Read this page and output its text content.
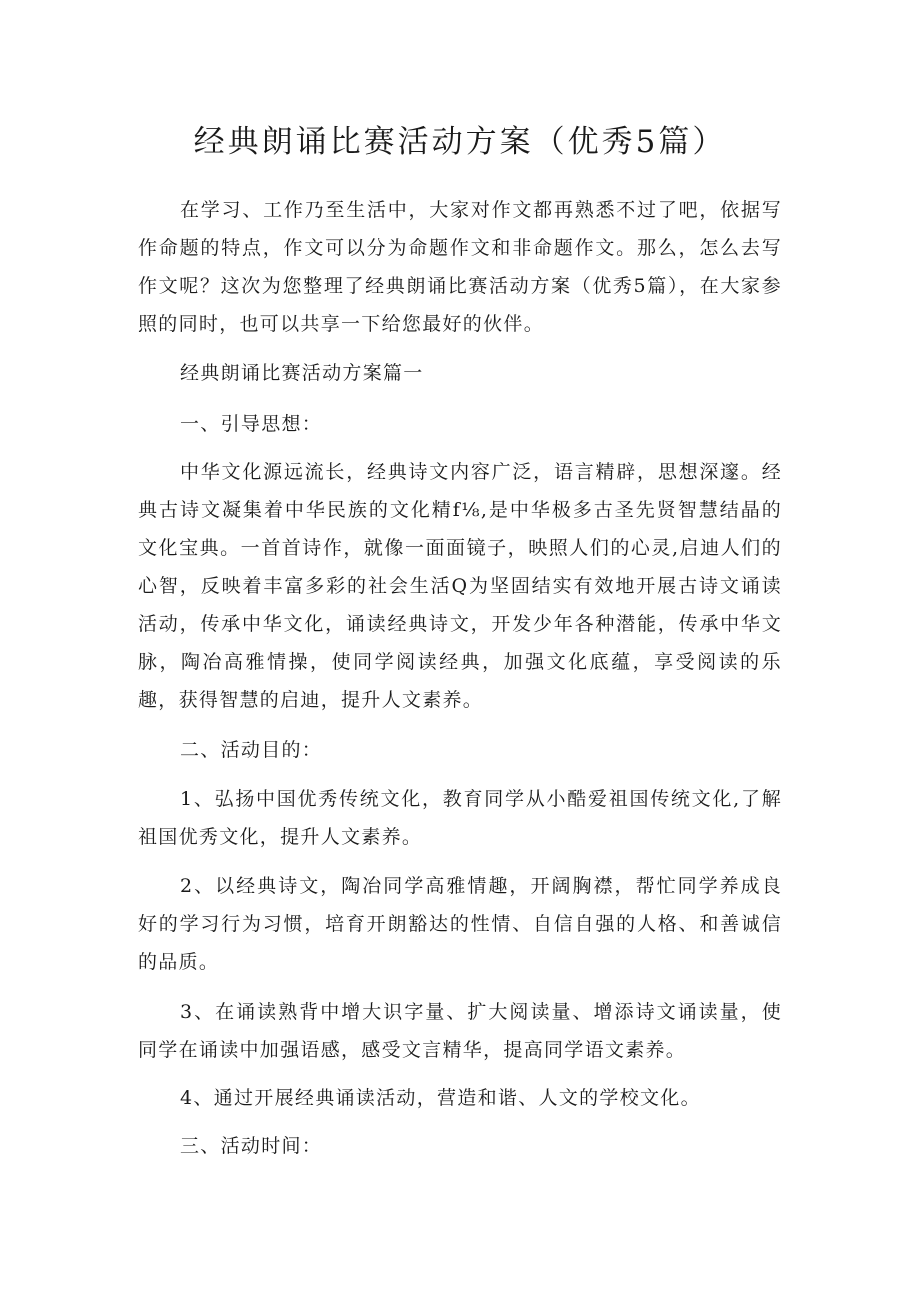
经典朗诵比赛活动方案（优秀5篇）

在学习、工作乃至生活中，大家对作文都再熟悉不过了吧，依据写作命题的特点，作文可以分为命题作文和非命题作文。那么，怎么去写作文呢？这次为您整理了经典朗诵比赛活动方案（优秀5篇），在大家参照的同时，也可以共享一下给您最好的伙伴。

经典朗诵比赛活动方案篇一

一、引导思想：

中华文化源远流长，经典诗文内容广泛，语言精辟，思想深邃。经典古诗文凝集着中华民族的文化精f⅛,是中华极多古圣先贤智慧结晶的文化宝典。一首首诗作，就像一面面镜子，映照人们的心灵,启迪人们的心智，反映着丰富多彩的社会生活Q为坚固结实有效地开展古诗文诵读活动，传承中华文化，诵读经典诗文，开发少年各种潜能，传承中华文脉，陶冶高雅情操，使同学阅读经典，加强文化底蕴，享受阅读的乐趣，获得智慧的启迪，提升人文素养。

二、活动目的：

1、弘扬中国优秀传统文化，教育同学从小酷爱祖国传统文化,了解祖国优秀文化，提升人文素养。

2、以经典诗文，陶冶同学高雅情趣，开阔胸襟，帮忙同学养成良好的学习行为习惯，培育开朗豁达的性情、自信自强的人格、和善诚信的品质。

3、在诵读熟背中增大识字量、扩大阅读量、增添诗文诵读量，使同学在诵读中加强语感，感受文言精华，提高同学语文素养。

4、通过开展经典诵读活动，营造和谐、人文的学校文化。

三、活动时间：
